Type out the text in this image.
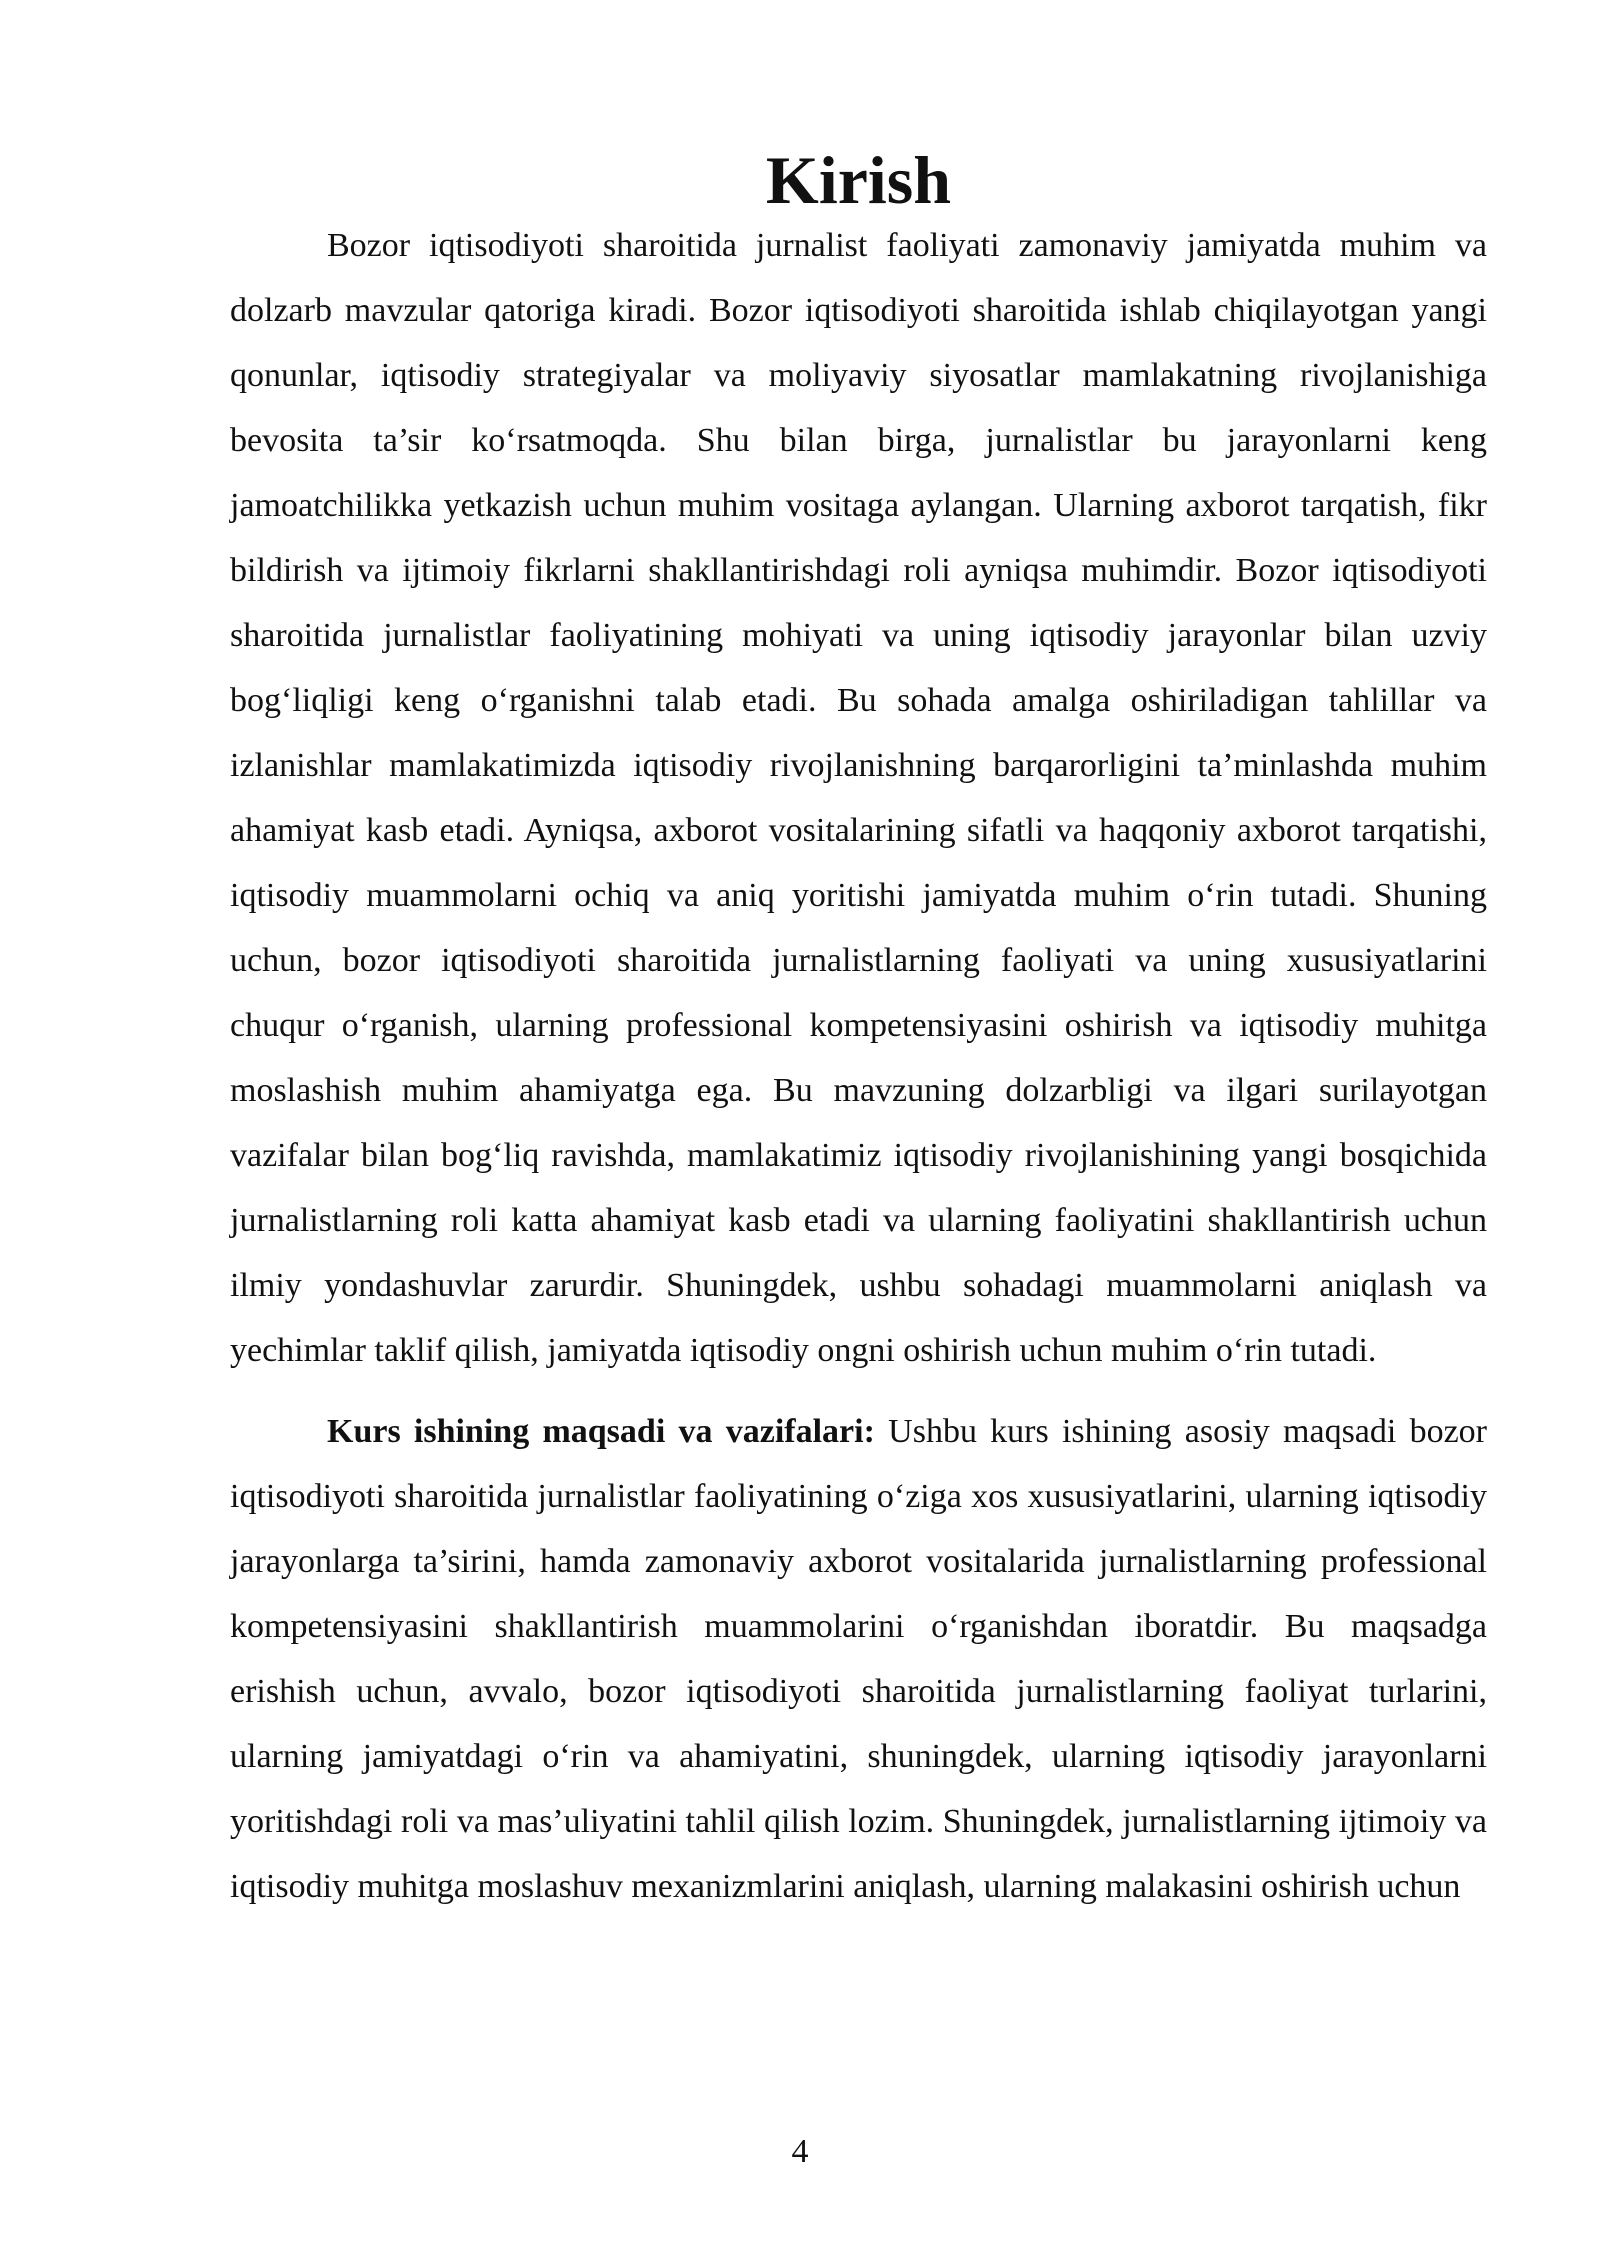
Kirish

Bozor iqtisodiyoti sharoitida jurnalist faoliyati zamonaviy jamiyatda muhim va dolzarb mavzular qatoriga kiradi. Bozor iqtisodiyoti sharoitida ishlab chiqilayotgan yangi qonunlar, iqtisodiy strategiyalar va moliyaviy siyosatlar mamlakatning rivojlanishiga bevosita ta’sir ko‘rsatmoqda. Shu bilan birga, jurnalistlar bu jarayonlarni keng jamoatchilikka yetkazish uchun muhim vositaga aylangan. Ularning axborot tarqatish, fikr bildirish va ijtimoiy fikrlarni shakllantirishdagi roli ayniqsa muhimdir. Bozor iqtisodiyoti sharoitida jurnalistlar faoliyatining mohiyati va uning iqtisodiy jarayonlar bilan uzviy bog‘liqligi keng o‘rganishni talab etadi. Bu sohada amalga oshiriladigan tahlillar va izlanishlar mamlakatimizda iqtisodiy rivojlanishning barqarorligini ta’minlashda muhim ahamiyat kasb etadi. Ayniqsa, axborot vositalarining sifatli va haqqoniy axborot tarqatishi, iqtisodiy muammolarni ochiq va aniq yoritishi jamiyatda muhim o‘rin tutadi. Shuning uchun, bozor iqtisodiyoti sharoitida jurnalistlarning faoliyati va uning xususiyatlarini chuqur o‘rganish, ularning professional kompetensiyasini oshirish va iqtisodiy muhitga moslashish muhim ahamiyatga ega. Bu mavzuning dolzarbligi va ilgari surilayotgan vazifalar bilan bog‘liq ravishda, mamlakatimiz iqtisodiy rivojlanishining yangi bosqichida jurnalistlarning roli katta ahamiyat kasb etadi va ularning faoliyatini shakllantirish uchun ilmiy yondashuvlar zarurdir. Shuningdek, ushbu sohadagi muammolarni aniqlash va yechimlar taklif qilish, jamiyatda iqtisodiy ongni oshirish uchun muhim o‘rin tutadi.

Kurs ishining maqsadi va vazifalari: Ushbu kurs ishining asosiy maqsadi bozor iqtisodiyoti sharoitida jurnalistlar faoliyatining o‘ziga xos xususiyatlarini, ularning iqtisodiy jarayonlarga ta’sirini, hamda zamonaviy axborot vositalarida jurnalistlarning professional kompetensiyasini shakllantirish muammolarini o‘rganishdan iboratdir. Bu maqsadga erishish uchun, avvalo, bozor iqtisodiyoti sharoitida jurnalistlarning faoliyat turlarini, ularning jamiyatdagi o‘rin va ahamiyatini, shuningdek, ularning iqtisodiy jarayonlarni yoritishdagi roli va mas’uliyatini tahlil qilish lozim. Shuningdek, jurnalistlarning ijtimoiy va iqtisodiy muhitga moslashuv mexanizmlarini aniqlash, ularning malakasini oshirish uchun

4
